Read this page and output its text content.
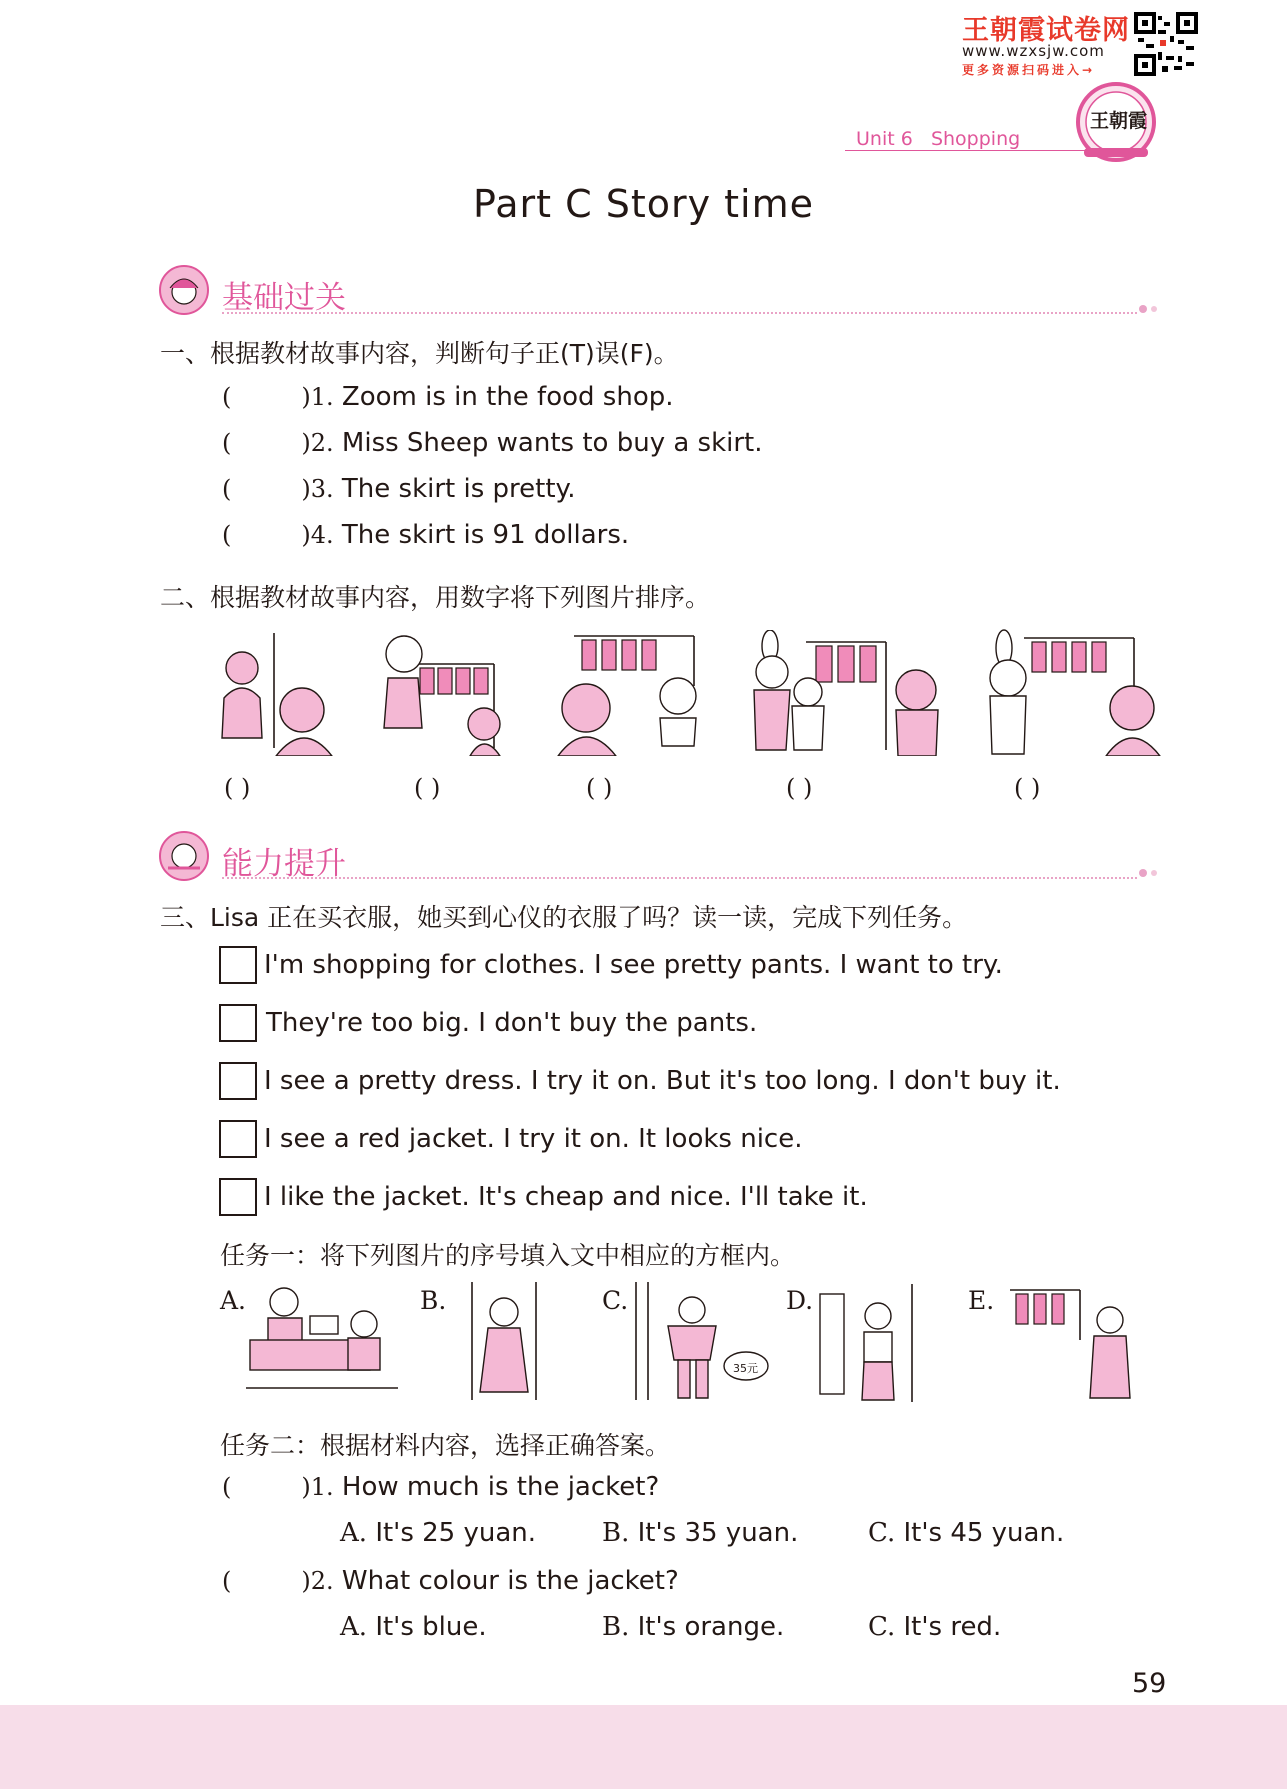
王朝霞试卷网
www.wzxsjw.com
更多资源扫码进入→
王朝霞
Unit 6 Shopping
Part C Story time
基础过关
一、根据教材故事内容，判断句子正(T)误(F)。
(	)1. Zoom is in the food shop.
(	)2. Miss Sheep wants to buy a skirt.
(	)3. The skirt is pretty.
(	)4. The skirt is 91 dollars.
二、根据教材故事内容，用数字将下列图片排序。
( )	( )	( )	( )	( )
能力提升
三、Lisa 正在买衣服，她买到心仪的衣服了吗？读一读，完成下列任务。
I'm shopping for clothes. I see pretty pants. I want to try.
They're too big. I don't buy the pants.
I see a pretty dress. I try it on. But it's too long. I don't buy it.
I see a red jacket. I try it on. It looks nice.
I like the jacket. It's cheap and nice. I'll take it.
任务一：将下列图片的序号填入文中相应的方框内。
A.	B.	C.
35元
D.	E.
任务二：根据材料内容，选择正确答案。
(	)1. How much is the jacket?
A. It's 25 yuan.	B. It's 35 yuan.	C. It's 45 yuan.
(	)2. What colour is the jacket?
A. It's blue.	B. It's orange.	C. It's red.
59
